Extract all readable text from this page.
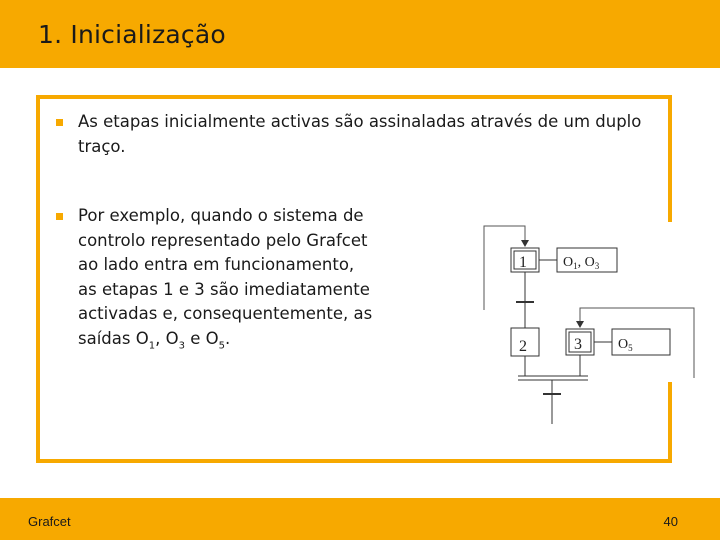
1. Inicialização
As etapas inicialmente activas são assinaladas através de um duplo traço.
Por exemplo, quando o sistema de controlo representado pelo Grafcet ao lado entra em funcionamento, as etapas 1 e 3 são imediatamente activadas e, consequentemente, as saídas $O_1$, $O_3$ e $O_5$.
1	$O_1$, $O_3$
2	3	$O_5$
Grafcet	40
